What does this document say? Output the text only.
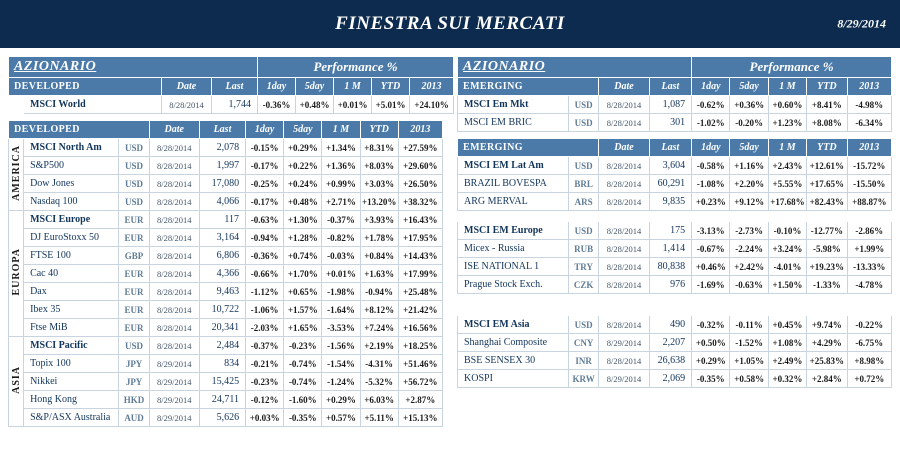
FINESTRA SUI MERCATI	8/29/2014
AZIONARIO				Performance %				
DEVELOPED		Date	Last	1day	5day	1 M	YTD	2013
	MSCI World	8/28/2014	1,744	-0.36%	+0.48%	+0.01%	+5.01%	+24.10%
DEVELOPED			Date	Last	1day	5day	1 M	YTD	2013
AMERICA	MSCI North Am	USD	8/28/2014	2,078	-0.15%	+0.29%	+1.34%	+8.31%	+27.59%
	S&P500	USD	8/28/2014	1,997	-0.17%	+0.22%	+1.36%	+8.03%	+29.60%
	Dow Jones	USD	8/28/2014	17,080	-0.25%	+0.24%	+0.99%	+3.03%	+26.50%
	Nasdaq 100	USD	8/28/2014	4,066	-0.17%	+0.48%	+2.71%	+13.20%	+38.32%
EUROPA	MSCI Europe	EUR	8/28/2014	117	-0.63%	+1.30%	-0.37%	+3.93%	+16.43%
	DJ EuroStoxx 50	EUR	8/28/2014	3,164	-0.94%	+1.28%	-0.82%	+1.78%	+17.95%
	FTSE 100	GBP	8/28/2014	6,806	-0.36%	+0.74%	-0.03%	+0.84%	+14.43%
	Cac 40	EUR	8/28/2014	4,366	-0.66%	+1.70%	+0.01%	+1.63%	+17.99%
	Dax	EUR	8/28/2014	9,463	-1.12%	+0.65%	-1.98%	-0.94%	+25.48%
	Ibex 35	EUR	8/28/2014	10,722	-1.06%	+1.57%	-1.64%	+8.12%	+21.42%
	Ftse MiB	EUR	8/28/2014	20,341	-2.03%	+1.65%	-3.53%	+7.24%	+16.56%
ASIA	MSCI Pacific	USD	8/28/2014	2,484	-0.37%	-0.23%	-1.56%	+2.19%	+18.25%
	Topix 100	JPY	8/29/2014	834	-0.21%	-0.74%	-1.54%	-4.31%	+51.46%
	Nikkei	JPY	8/29/2014	15,425	-0.23%	-0.74%	-1.24%	-5.32%	+56.72%
	Hong Kong	HKD	8/29/2014	24,711	-0.12%	-1.60%	+0.29%	+6.03%	+2.87%
	S&P/ASX Australia	AUD	8/29/2014	5,626	+0.03%	-0.35%	+0.57%	+5.11%	+15.13%
AZIONARIO				Performance %				
EMERGING		Date	Last	1day	5day	1 M	YTD	2013
MSCI Em Mkt	USD	8/28/2014	1,087	-0.62%	+0.36%	+0.60%	+8.41%	-4.98%
MSCI EM BRIC	USD	8/28/2014	301	-1.02%	-0.20%	+1.23%	+8.08%	-6.34%
EMERGING		Date	Last	1day	5day	1 M	YTD	2013
MSCI EM Lat Am	USD	8/28/2014	3,604	-0.58%	+1.16%	+2.43%	+12.61%	-15.72%
BRAZIL BOVESPA	BRL	8/28/2014	60,291	-1.08%	+2.20%	+5.55%	+17.65%	-15.50%
ARG MERVAL	ARS	8/28/2014	9,835	+0.23%	+9.12%	+17.68%	+82.43%	+88.87%

MSCI EM Europe	USD	8/28/2014	175	-3.13%	-2.73%	-0.10%	-12.77%	-2.86%
Micex - Russia	RUB	8/28/2014	1,414	-0.67%	-2.24%	+3.24%	-5.98%	+1.99%
ISE NATIONAL 1	TRY	8/28/2014	80,838	+0.46%	+2.42%	-4.01%	+19.23%	-13.33%
Prague Stock Exch.	CZK	8/28/2014	976	-1.69%	-0.63%	+1.50%	-1.33%	-4.78%

MSCI EM Asia	USD	8/28/2014	490	-0.32%	-0.11%	+0.45%	+9.74%	-0.22%
Shanghai Composite	CNY	8/29/2014	2,207	+0.50%	-1.52%	+1.08%	+4.29%	-6.75%
BSE SENSEX 30	INR	8/28/2014	26,638	+0.29%	+1.05%	+2.49%	+25.83%	+8.98%
KOSPI	KRW	8/29/2014	2,069	-0.35%	+0.58%	+0.32%	+2.84%	+0.72%
